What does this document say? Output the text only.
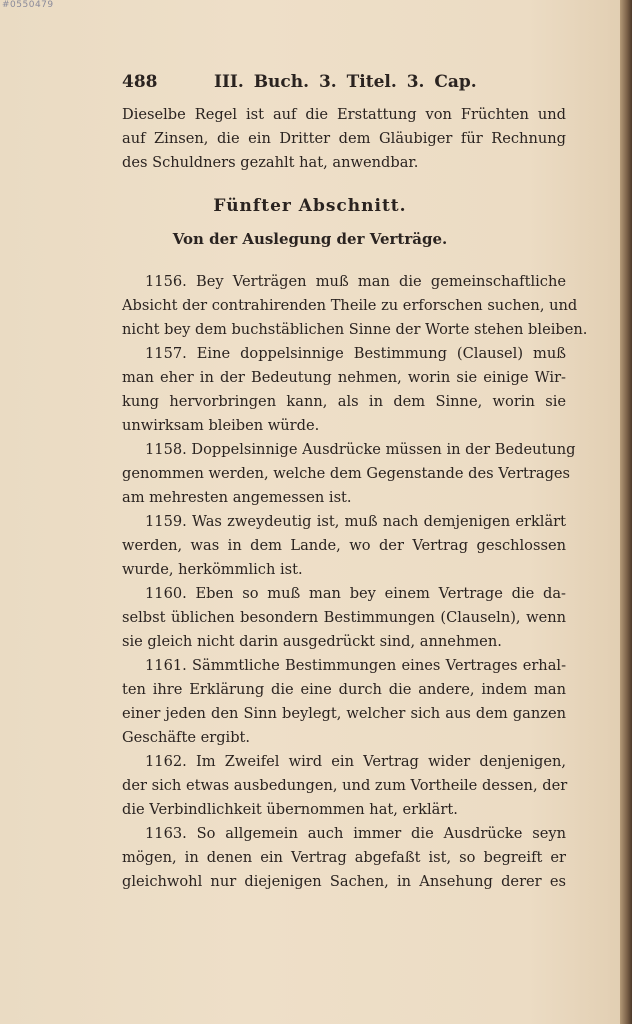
#0550479
488	III. Buch. 3. Titel. 3. Cap.
Dieselbe Regel ist auf die Erstattung von Früchten und
auf Zinsen, die ein Dritter dem Gläubiger für Rechnung
des Schuldners gezahlt hat, anwendbar.
Fünfter Abschnitt.
Von der Auslegung der Verträge.
1156. Bey Verträgen muß man die gemeinschaftliche
Absicht der contrahirenden Theile zu erforschen suchen, und
nicht bey dem buchstäblichen Sinne der Worte stehen bleiben.
1157. Eine doppelsinnige Bestimmung (Clausel) muß
man eher in der Bedeutung nehmen, worin sie einige Wir-
kung hervorbringen kann, als in dem Sinne, worin sie
unwirksam bleiben würde.
1158. Doppelsinnige Ausdrücke müssen in der Bedeutung
genommen werden, welche dem Gegenstande des Vertrages
am mehresten angemessen ist.
1159. Was zweydeutig ist, muß nach demjenigen erklärt
werden, was in dem Lande, wo der Vertrag geschlossen
wurde, herkömmlich ist.
1160. Eben so muß man bey einem Vertrage die da-
selbst üblichen besondern Bestimmungen (Clauseln), wenn
sie gleich nicht darin ausgedrückt sind, annehmen.
1161. Sämmtliche Bestimmungen eines Vertrages erhal-
ten ihre Erklärung die eine durch die andere, indem man
einer jeden den Sinn beylegt, welcher sich aus dem ganzen
Geschäfte ergibt.
1162. Im Zweifel wird ein Vertrag wider denjenigen,
der sich etwas ausbedungen, und zum Vortheile dessen, der
die Verbindlichkeit übernommen hat, erklärt.
1163. So allgemein auch immer die Ausdrücke seyn
mögen, in denen ein Vertrag abgefaßt ist, so begreift er
gleichwohl nur diejenigen Sachen, in Ansehung derer es
